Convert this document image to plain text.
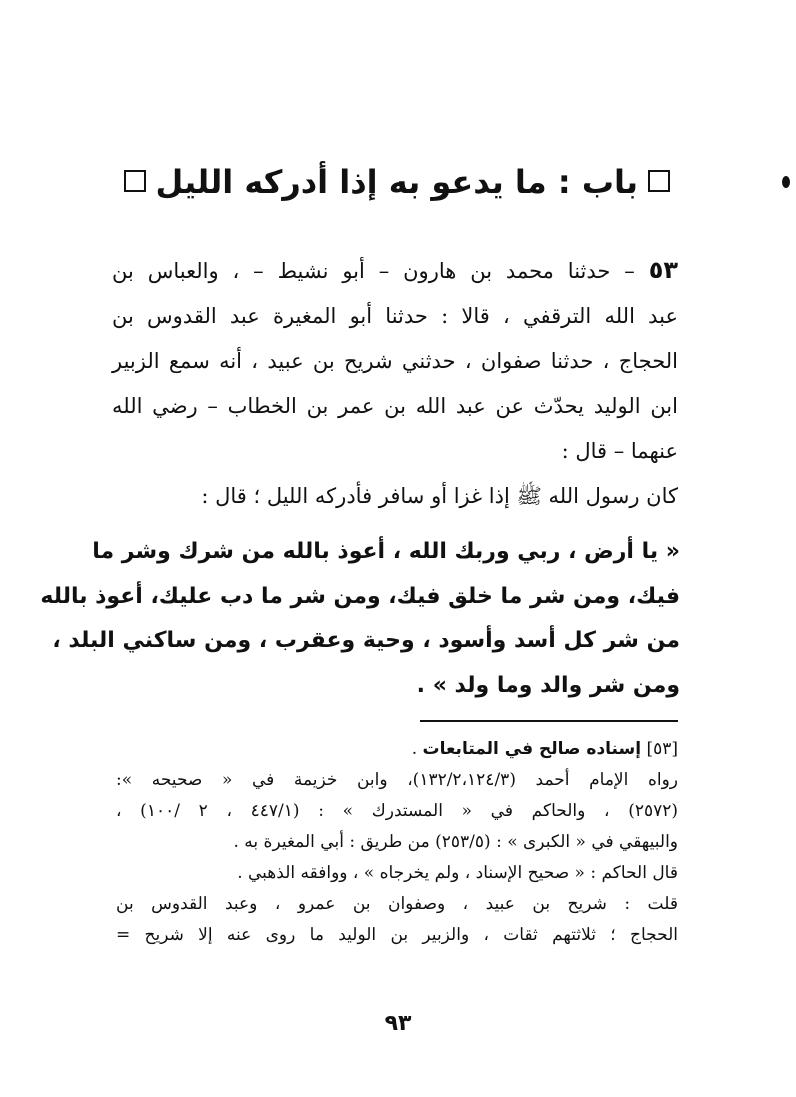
باب : ما يدعو به إذا أدركه الليل
٥٣ – حدثنا محمد بن هارون – أبو نشيط – ، والعباس بن
عبد الله الترقفي ، قالا : حدثنا أبو المغيرة عبد القدوس بن
الحجاج ، حدثنا صفوان ، حدثني شريح بن عبيد ، أنه سمع الزبير
ابن الوليد يحدّث عن عبد الله بن عمر بن الخطاب – رضي الله
عنهما – قال :
كان رسول الله ﷺ إذا غزا أو سافر فأدركه الليل ؛ قال :
« يا أرض ، ربي وربك الله ، أعوذ بالله من شرك وشر ما
فيك، ومن شر ما خلق فيك، ومن شر ما دب عليك، أعوذ بالله
من شر كل أسد وأسود ، وحية وعقرب ، ومن ساكني البلد ،
ومن شر والد وما ولد » .
[٥٣] إسناده صالح في المتابعات .
رواه الإمام أحمد (١٣٢/٢،١٢٤/٣)، وابن خزيمة في « صحيحه »:
(٢٥٧٢) ، والحاكم في « المستدرك » : (٤٤٧/١ ، ٢ /١٠٠) ،
والبيهقي في « الكبرى » : (٢٥٣/٥) من طريق : أبي المغيرة به .
قال الحاكم : « صحيح الإسناد ، ولم يخرجاه » ، ووافقه الذهبي .
قلت : شريح بن عبيد ، وصفوان بن عمرو ، وعبد القدوس بن
الحجاج ؛ ثلاثتهم ثقات ، والزبير بن الوليد ما روى عنه إلا شريح =
٩٣
